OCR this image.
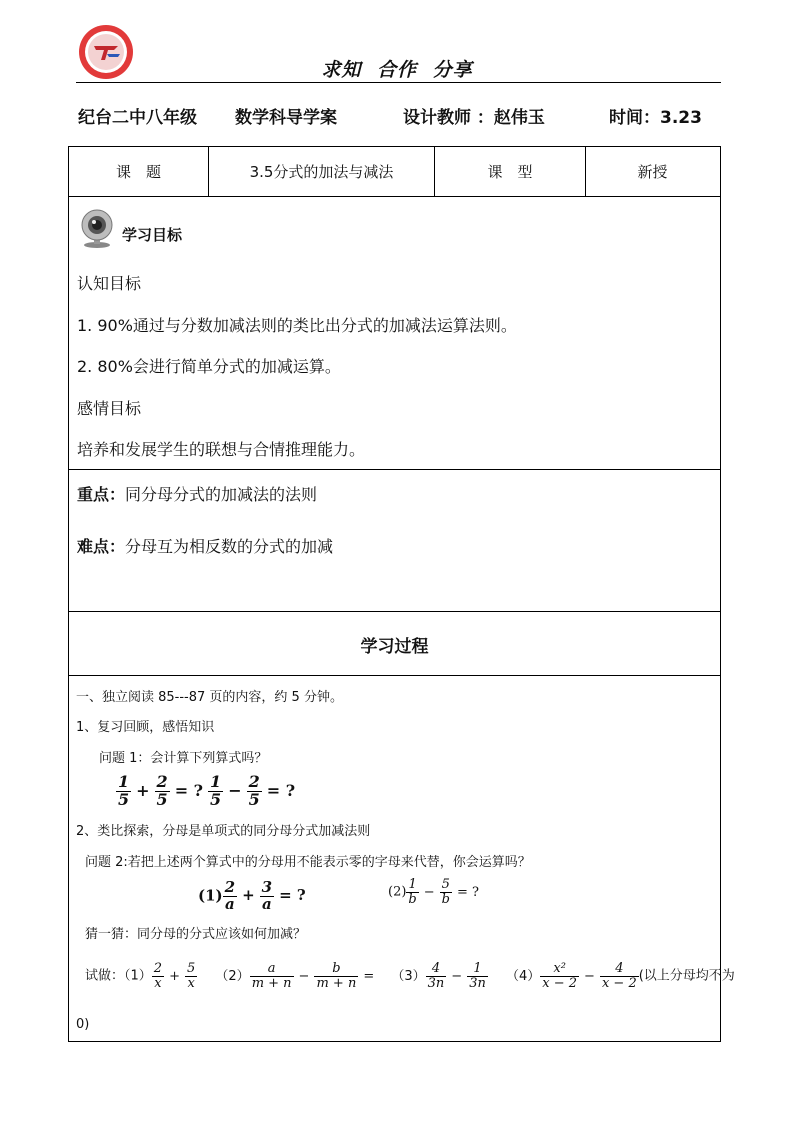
求知 合作 分享
纪台二中八年级 数学科导学案	设计教师 ：赵伟玉	时间：3.23
课　题	3.5分式的加法与减法	课　型	新授
学习目标
认知目标
1. 90%通过与分数加减法则的类比出分式的加减法运算法则。
2. 80%会进行简单分式的加减运算。
感情目标
培养和发展学生的联想与合情推理能力。
重点：同分母分式的加减法的法则
难点：分母互为相反数的分式的加减
学习过程
一、独立阅读 85---87 页的内容，约 5 分钟。
1、复习回顾，感悟知识
问题 1：会计算下列算式吗？
$\frac{1}{5} + \frac{2}{5}$ = ? $\frac{1}{5} - \frac{2}{5}$ = ?
2、类比探索，分母是单项式的同分母分式加减法则
问题 2:若把上述两个算式中的分母用不能表示零的字母来代替，你会运算吗？
$(1) \frac{2}{a} + \frac{3}{a}$ = ?	$(2) \frac{1}{b} - \frac{5}{b}$ = ?
猜一猜：同分母的分式应该如何加减？
试做：$(1) \frac{2}{x} + \frac{5}{x} (2) \frac{a}{m + n} - \frac{b}{m + n} = (3) \frac{4}{3n} - \frac{1}{3n} (4) \frac{\text{x²}}{x - 2} - \frac{4}{x - 2}$ (以上分母均不为
0)
